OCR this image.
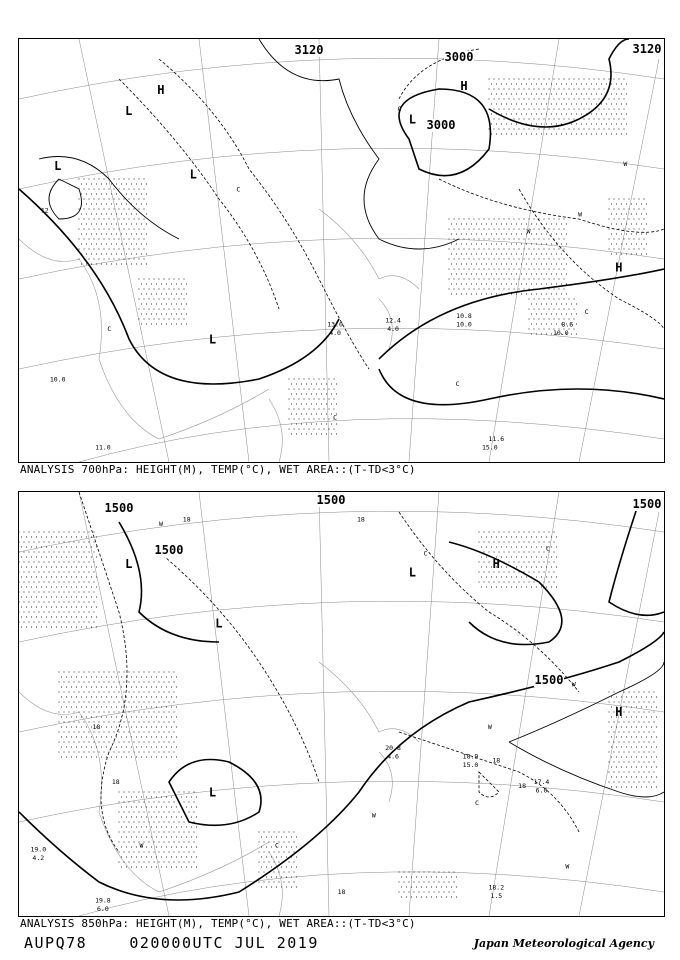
3120	3000
3000
3120
H	H
H
L
L
L
L
L
C
C
C
C
C
C
W
W
W
12
10.8
10.0	8.6
10.0
11.6
15.0
13.0
4.0
12.4
4.0
11.0
10.0
ANALYSIS 700hPa: HEIGHT(M), TEMP(°C), WET AREA::(T-TD<3°C)
1500
1500
1500
1500
1500
H
H
L
L
L
L
18	18
18
18
18
18
18
C
C
C
C
W
W
W
W
W
W
18.9
15.0
17.4
6.0
20.8
4.6
18.2
1.5
19.8
6.0
19.0
4.2
ANALYSIS 850hPa: HEIGHT(M), TEMP(°C), WET AREA::(T-TD<3°C)
AUPQ78	020000UTC JUL 2019	Japan Meteorological Agency
